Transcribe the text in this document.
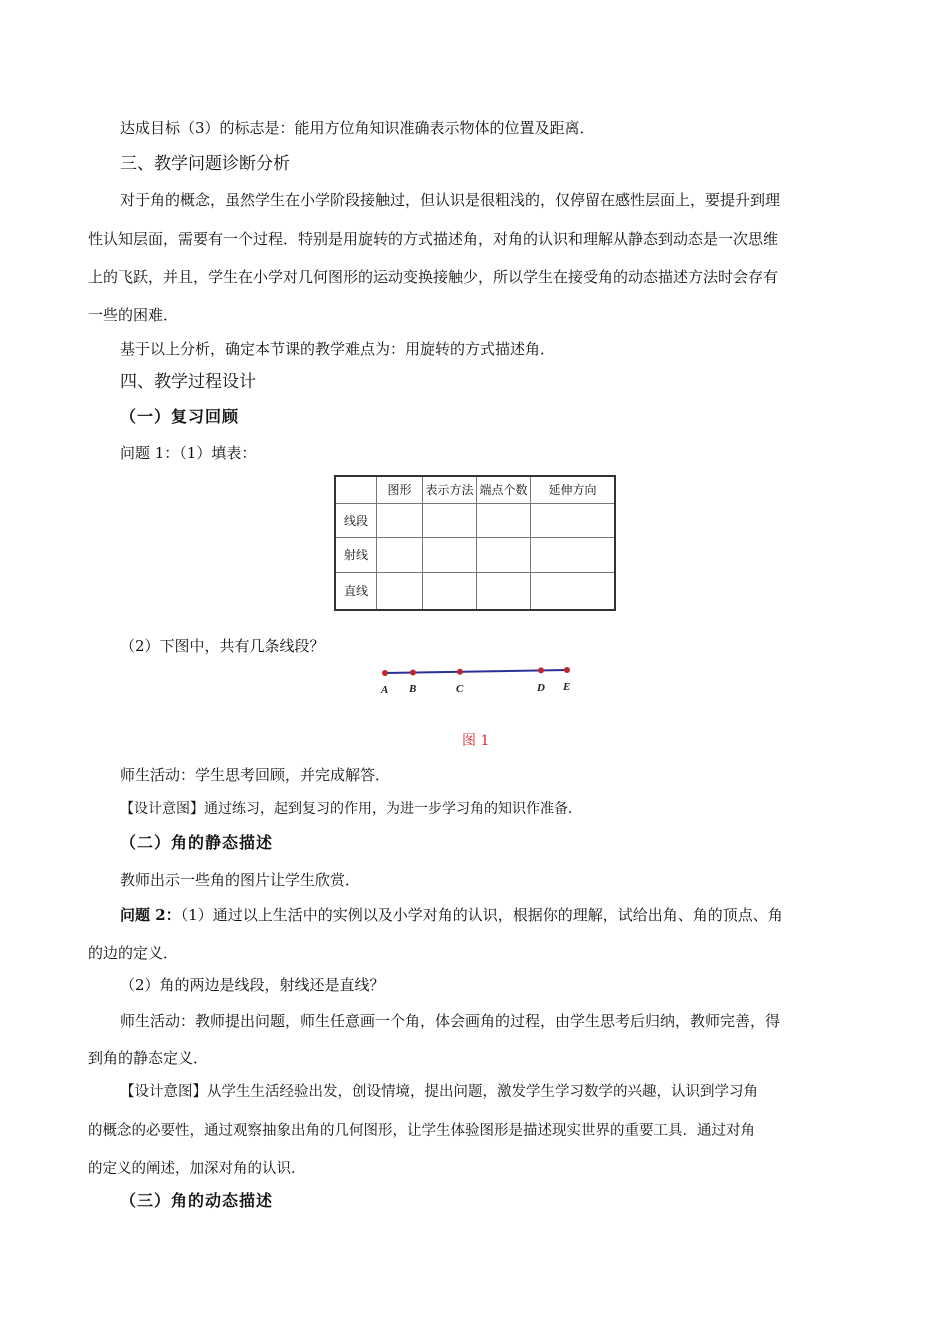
达成目标（3）的标志是：能用方位角知识准确表示物体的位置及距离．
三、教学问题诊断分析
对于角的概念，虽然学生在小学阶段接触过，但认识是很粗浅的，仅停留在感性层面上，要提升到理
性认知层面，需要有一个过程．特别是用旋转的方式描述角，对角的认识和理解从静态到动态是一次思维
上的飞跃，并且，学生在小学对几何图形的运动变换接触少，所以学生在接受角的动态描述方法时会存有
一些的困难．
基于以上分析，确定本节课的教学难点为：用旋转的方式描述角．
四、教学过程设计
（一）复习回顾
问题 1：（1）填表：
	图形	表示方法	端点个数	延伸方向
线段				
射线				
直线				
（2）下图中，共有几条线段？
A B	C	D E
图 1
师生活动：学生思考回顾，并完成解答．
【设计意图】通过练习，起到复习的作用，为进一步学习角的知识作准备．
（二）角的静态描述
教师出示一些角的图片让学生欣赏．
问题 2：（1）通过以上生活中的实例以及小学对角的认识，根据你的理解，试给出角、角的顶点、角
的边的定义．
（2）角的两边是线段，射线还是直线？
师生活动：教师提出问题，师生任意画一个角，体会画角的过程，由学生思考后归纳，教师完善，得
到角的静态定义．
【设计意图】从学生生活经验出发，创设情境，提出问题，激发学生学习数学的兴趣，认识到学习角
的概念的必要性，通过观察抽象出角的几何图形，让学生体验图形是描述现实世界的重要工具．通过对角
的定义的阐述，加深对角的认识．
（三）角的动态描述
